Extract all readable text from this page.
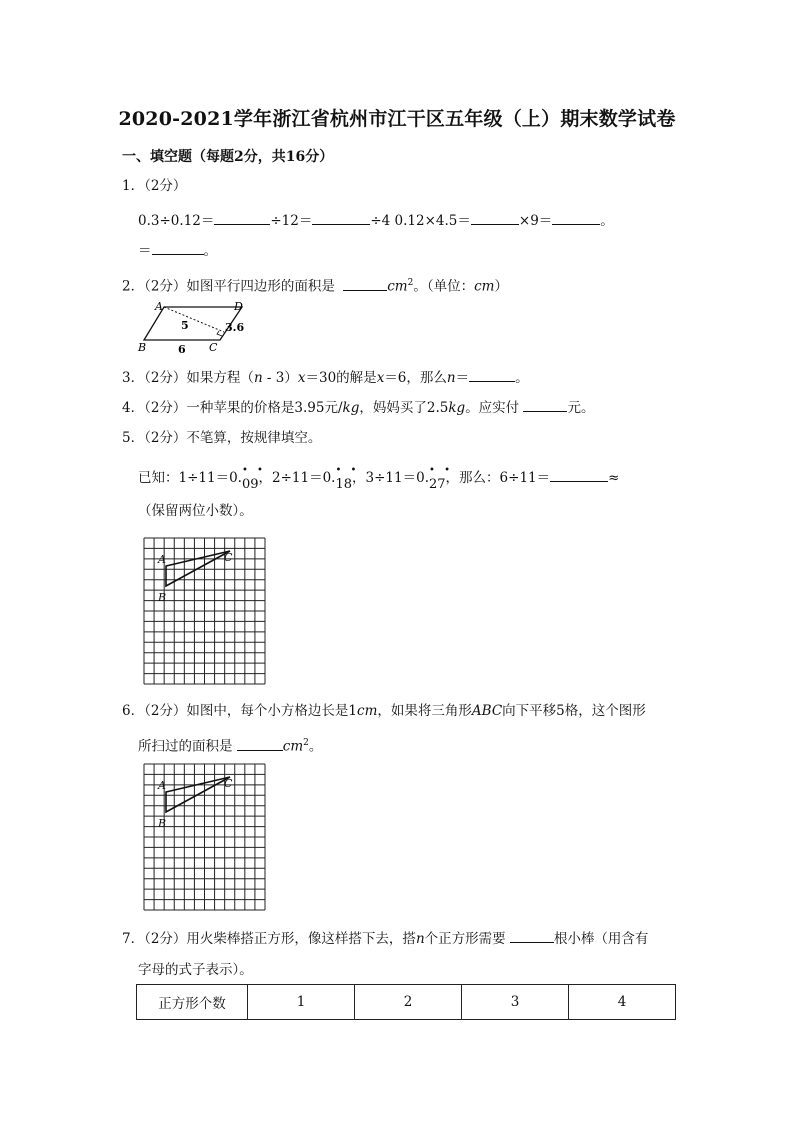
2020-2021学年浙江省杭州市江干区五年级（上）期末数学试卷
一、填空题（每题2分，共16分）
1．（2分）
0.3÷0.12＝	÷12＝	÷4 0.12×4.5＝	×9＝	。
＝	。
2．（2分）如图平行四边形的面积是	$cm^2$。（单位：cm）
A	D
B	C
5	3.6
6
3．（2分）如果方程（n - 3）x＝30的解是x＝6，那么n＝	。
4．（2分）一种苹果的价格是3.95元/kg，妈妈买了2.5kg。应实付	元。
5．（2分）不笔算，按规律填空。
已知：1÷11＝0. • •
09，2÷11＝0. • •
18，3÷11＝0. • •
27，那么：6÷11＝	≈
（保留两位小数）。
A	C
B
6．（2分）如图中，每个小方格边长是1cm，如果将三角形ABC向下平移5格，这个图形
所扫过的面积是	$cm^2$。
A	C
B
7．（2分）用火柴棒搭正方形，像这样搭下去，搭n个正方形需要	根小棒（用含有
字母的式子表示）。
正方形个数	1	2	3	4
